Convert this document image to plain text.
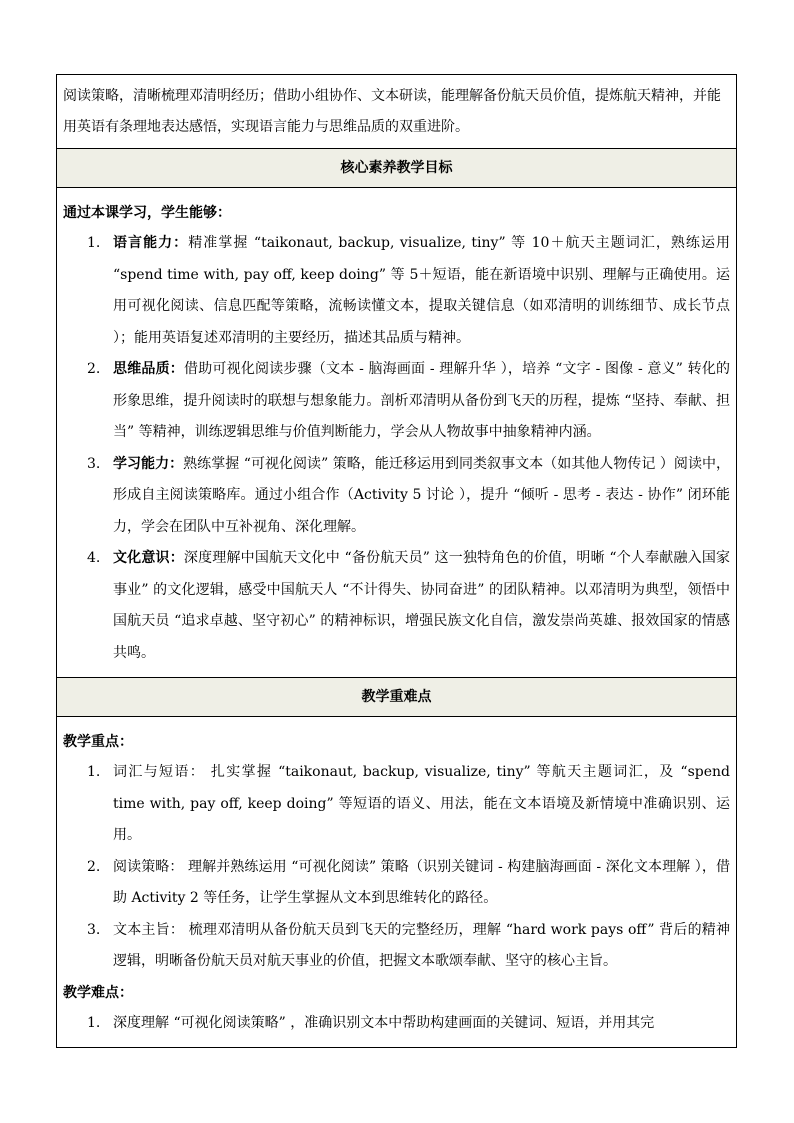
阅读策略，清晰梳理邓清明经历；借助小组协作、文本研读，能理解备份航天员价值，提炼航天精神，并能用英语有条理地表达感悟，实现语言能力与思维品质的双重进阶。

核心素养教学目标

通过本课学习，学生能够：
1. 语言能力：精准掌握 “taikonaut, backup, visualize, tiny” 等 10＋航天主题词汇，熟练运用 “spend time with, pay off, keep doing” 等 5＋短语，能在新语境中识别、理解与正确使用。运用可视化阅读、信息匹配等策略，流畅读懂文本，提取关键信息（如邓清明的训练细节、成长节点 ）；能用英语复述邓清明的主要经历，描述其品质与精神。
2. 思维品质：借助可视化阅读步骤（文本 - 脑海画面 - 理解升华 ），培养 “文字 - 图像 - 意义” 转化的形象思维，提升阅读时的联想与想象能力。剖析邓清明从备份到飞天的历程，提炼 “坚持、奉献、担当” 等精神，训练逻辑思维与价值判断能力，学会从人物故事中抽象精神内涵。
3. 学习能力：熟练掌握 “可视化阅读” 策略，能迁移运用到同类叙事文本（如其他人物传记 ）阅读中，形成自主阅读策略库。通过小组合作（Activity 5 讨论 ），提升 “倾听 - 思考 - 表达 - 协作” 闭环能力，学会在团队中互补视角、深化理解。
4. 文化意识：深度理解中国航天文化中 “备份航天员” 这一独特角色的价值，明晰 “个人奉献融入国家事业” 的文化逻辑，感受中国航天人 “不计得失、协同奋进” 的团队精神。以邓清明为典型，领悟中国航天员 “追求卓越、坚守初心” 的精神标识，增强民族文化自信，激发崇尚英雄、报效国家的情感共鸣。

教学重难点

教学重点：
1. 词汇与短语： 扎实掌握 “taikonaut, backup, visualize, tiny” 等航天主题词汇，及 “spend time with, pay off, keep doing” 等短语的语义、用法，能在文本语境及新情境中准确识别、运用。
2. 阅读策略： 理解并熟练运用 “可视化阅读” 策略（识别关键词 - 构建脑海画面 - 深化文本理解 ），借助 Activity 2 等任务，让学生掌握从文本到思维转化的路径。
3. 文本主旨： 梳理邓清明从备份航天员到飞天的完整经历，理解 “hard work pays off” 背后的精神逻辑，明晰备份航天员对航天事业的价值，把握文本歌颂奉献、坚守的核心主旨。
教学难点：
1. 深度理解 “可视化阅读策略” ，准确识别文本中帮助构建画面的关键词、短语，并用其完
